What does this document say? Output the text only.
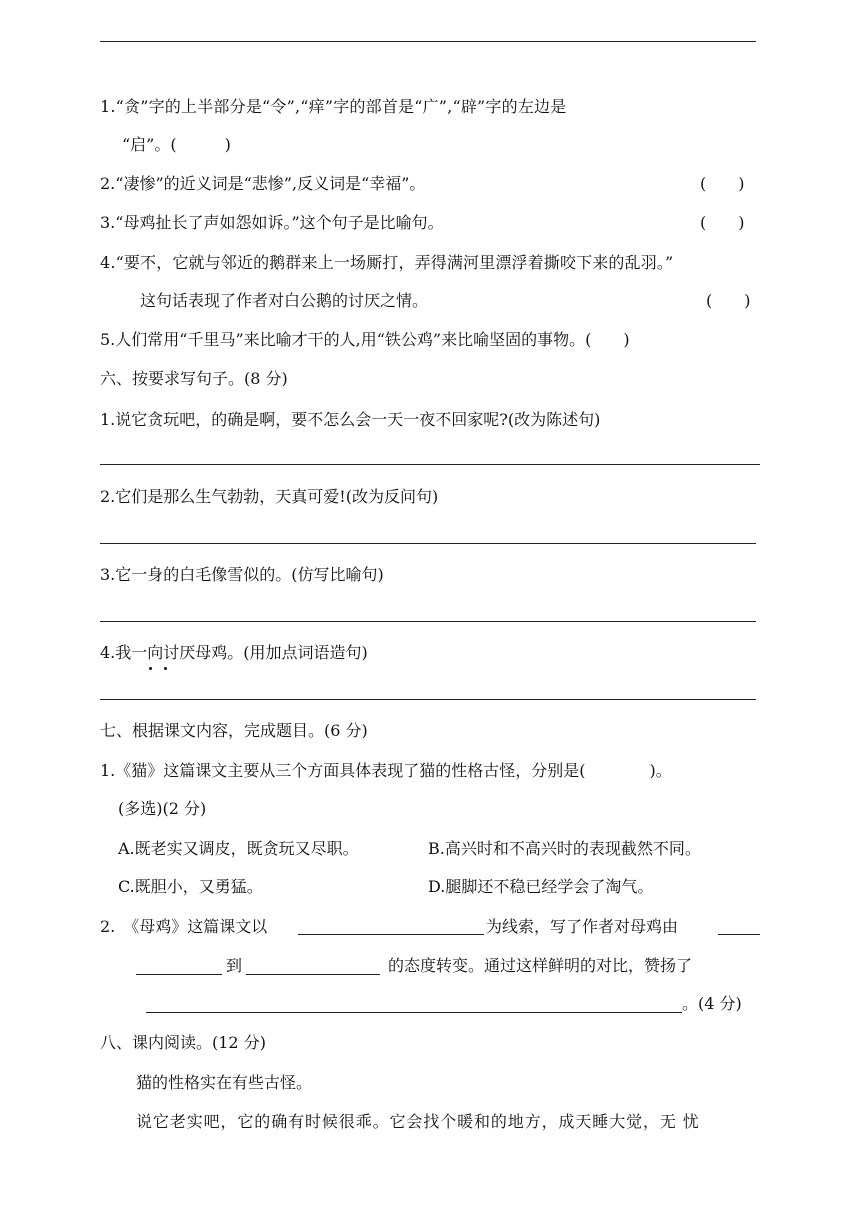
1.“贪”字的上半部分是“令”,“痒”字的部首是“广”,“辟”字的左边是
“启”。(　　　)
2.“凄惨”的近义词是“悲惨”,反义词是“幸福”。	(　　)
3.“母鸡扯长了声如怨如诉。”这个句子是比喻句。	(　　)
4.“要不，它就与邻近的鹅群来上一场厮打，弄得满河里漂浮着撕咬下来的乱羽。”
这句话表现了作者对白公鹅的讨厌之情。	(　　)
5.人们常用“千里马”来比喻才干的人,用“铁公鸡”来比喻坚固的事物。(　　)
六、按要求写句子。(8 分)
1.说它贪玩吧，的确是啊，要不怎么会一天一夜不回家呢?(改为陈述句)
2.它们是那么生气勃勃，天真可爱!(改为反问句)
3.它一身的白毛像雪似的。(仿写比喻句)
4.我一向讨厌母鸡。(用加点词语造句)
七、根据课文内容，完成题目。(6 分)
1.《猫》这篇课文主要从三个方面具体表现了猫的性格古怪，分别是(　　　　)。
(多选)(2 分)
A.既老实又调皮，既贪玩又尽职。	B.高兴时和不高兴时的表现截然不同。
C.既胆小，又勇猛。	D.腿脚还不稳已经学会了淘气。
2.　《母鸡》这篇课文以	为线索，写了作者对母鸡由
到	的态度转变。通过这样鲜明的对比，赞扬了
。(4 分)
八、课内阅读。(12 分)
猫的性格实在有些古怪。
说它老实吧，它的确有时候很乖。它会找个暖和的地方，成天睡大觉，无 忧
